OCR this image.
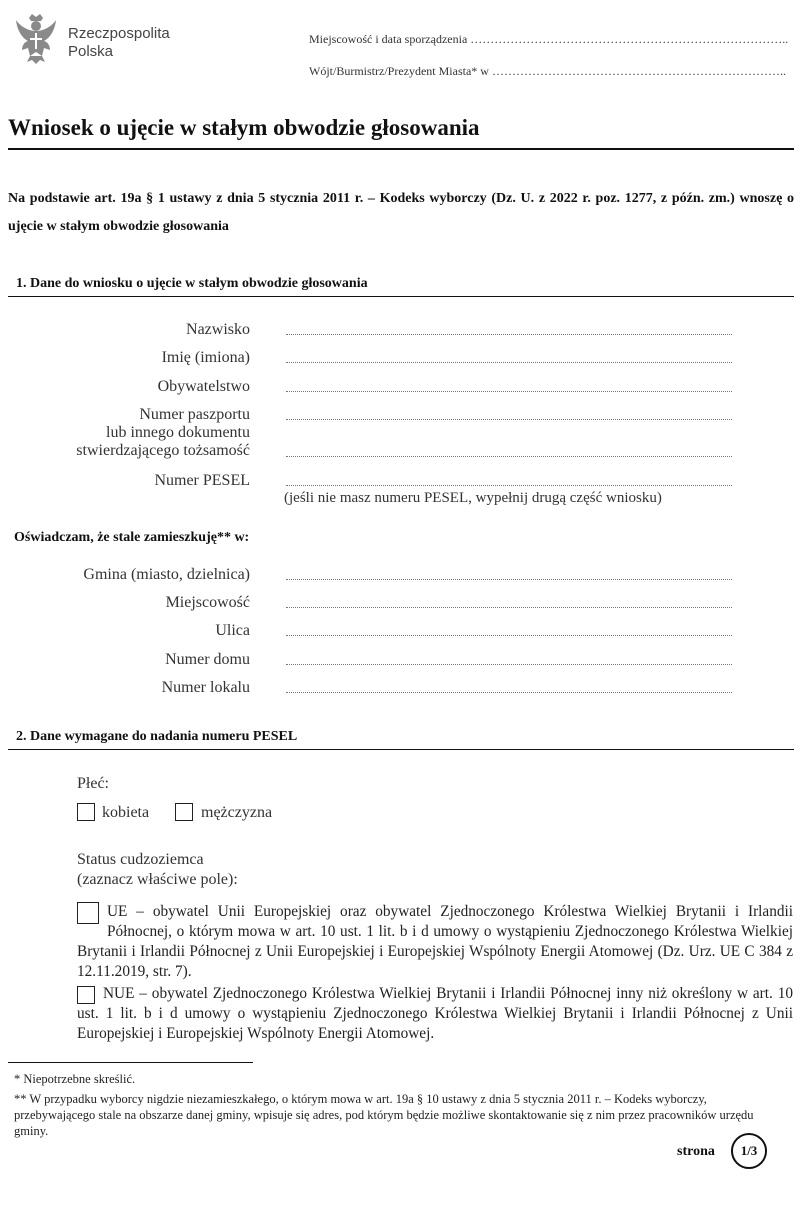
Rzeczpospolita
Polska
Miejscowość i data sporządzenia ……………………………………………………………………..
Wójt/Burmistrz/Prezydent Miasta* w ………………………………………………………………..
Wniosek o ujęcie w stałym obwodzie głosowania
Na podstawie art. 19a § 1 ustawy z dnia 5 stycznia 2011 r. – Kodeks wyborczy (Dz. U. z 2022 r. poz. 1277, z późn. zm.) wnoszę o ujęcie w stałym obwodzie głosowania
1. Dane do wniosku o ujęcie w stałym obwodzie głosowania
Nazwisko
Imię (imiona)
Obywatelstwo
Numer paszportu
lub innego dokumentu
stwierdzającego tożsamość
Numer PESEL
(jeśli nie masz numeru PESEL, wypełnij drugą część wniosku)
Oświadczam, że stale zamieszkuję** w:
Gmina (miasto, dzielnica)
Miejscowość
Ulica
Numer domu
Numer lokalu
2. Dane wymagane do nadania numeru PESEL
Płeć:
kobieta	mężczyzna
Status cudzoziemca
(zaznacz właściwe pole):
UE – obywatel Unii Europejskiej oraz obywatel Zjednoczonego Królestwa Wielkiej Brytanii i Irlandii Północnej, o którym mowa w art. 10 ust. 1 lit. b i d umowy o wystąpieniu Zjednoczonego Królestwa Wielkiej Brytanii i Irlandii Północnej z Unii Europejskiej i Europejskiej Wspólnoty Energii Atomowej (Dz. Urz. UE C 384 z 12.11.2019, str. 7).
NUE – obywatel Zjednoczonego Królestwa Wielkiej Brytanii i Irlandii Północnej inny niż określony w art. 10 ust. 1 lit. b i d umowy o wystąpieniu Zjednoczonego Królestwa Wielkiej Brytanii i Irlandii Północnej z Unii Europejskiej i Europejskiej Wspólnoty Energii Atomowej.
* Niepotrzebne skreślić.
** W przypadku wyborcy nigdzie niezamieszkałego, o którym mowa w art. 19a § 10 ustawy z dnia 5 stycznia 2011 r. – Kodeks wyborczy, przebywającego stale na obszarze danej gminy, wpisuje się adres, pod którym będzie możliwe skontaktowanie się z nim przez pracowników urzędu gminy.
strona 1/3
